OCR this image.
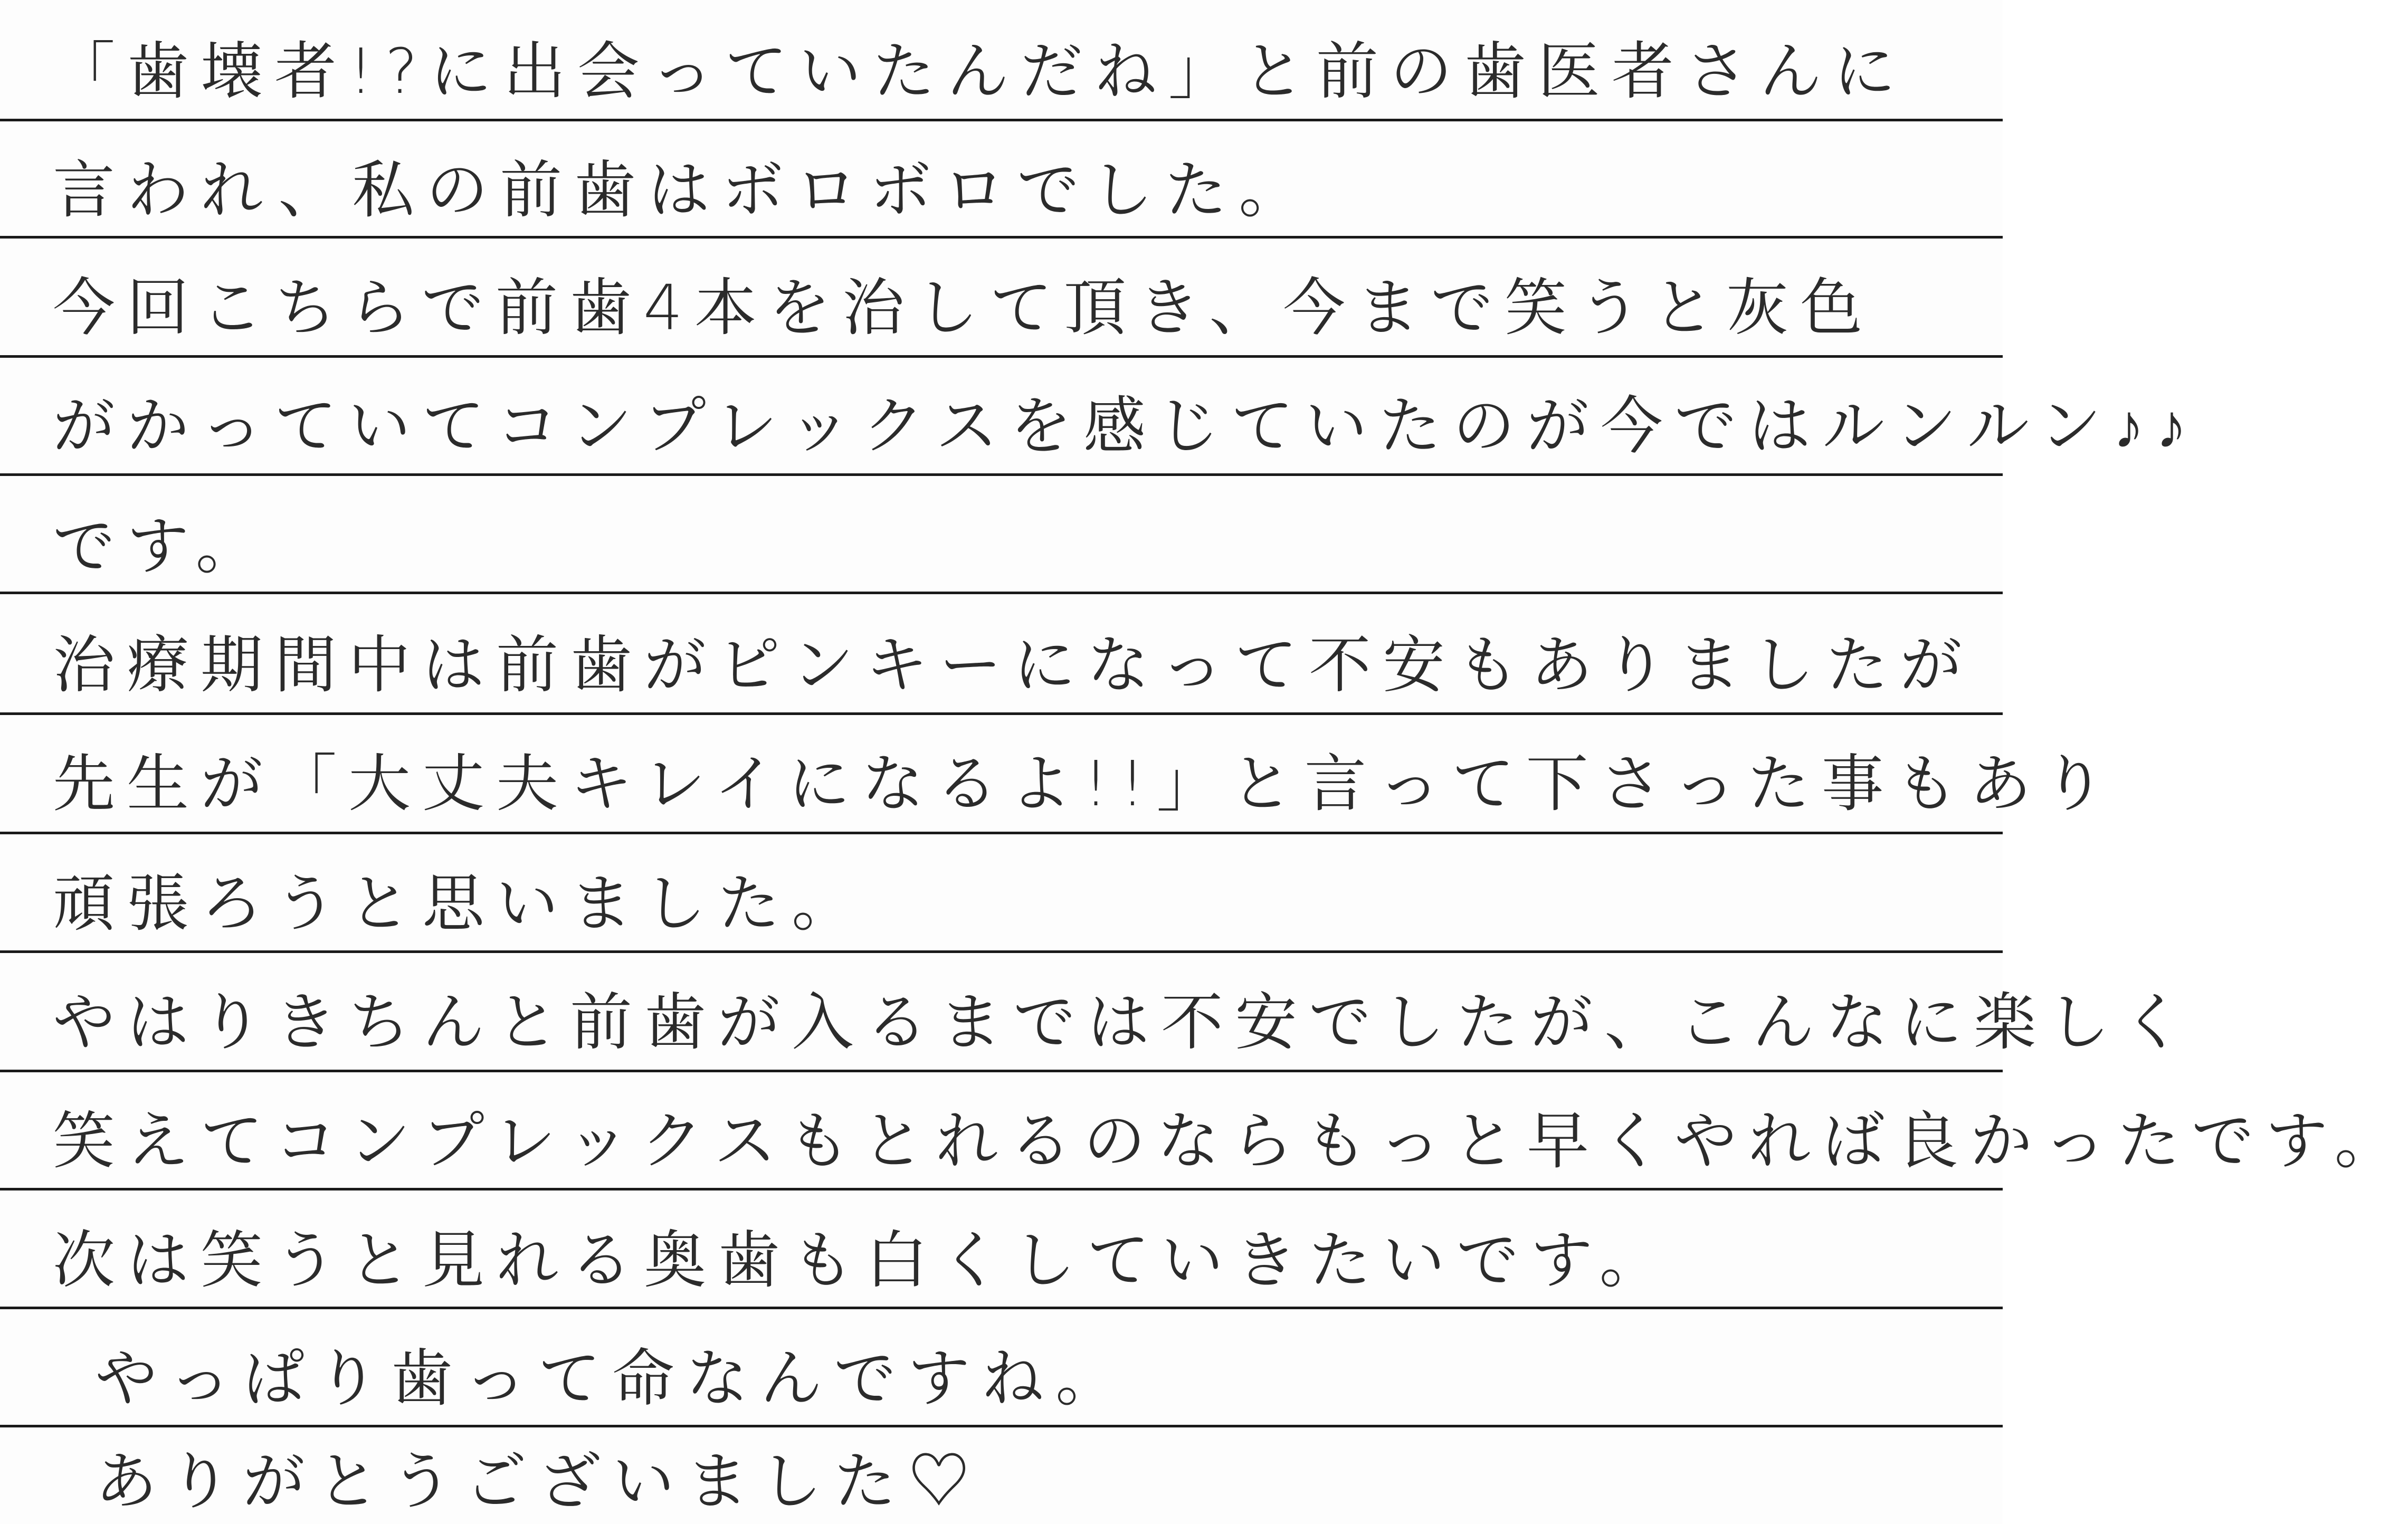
「歯壊者!?に出会っていたんだね」と前の歯医者さんに
言われ、私の前歯はボロボロでした。
今回こちらで前歯4本を治して頂き、今まで笑うと灰色
がかっていてコンプレックスを感じていたのが今ではルンルン♪♪
です。
治療期間中は前歯がピンキーになって不安もありましたが
先生が「大丈夫キレイになるよ!!」と言って下さった事もあり
頑張ろうと思いました。
やはりきちんと前歯が入るまでは不安でしたが、こんなに楽しく
笑えてコンプレックスもとれるのならもっと早くやれば良かったです。
次は笑うと見れる奥歯も白くしていきたいです。
やっぱり歯って命なんですね。
ありがとうございました♡
